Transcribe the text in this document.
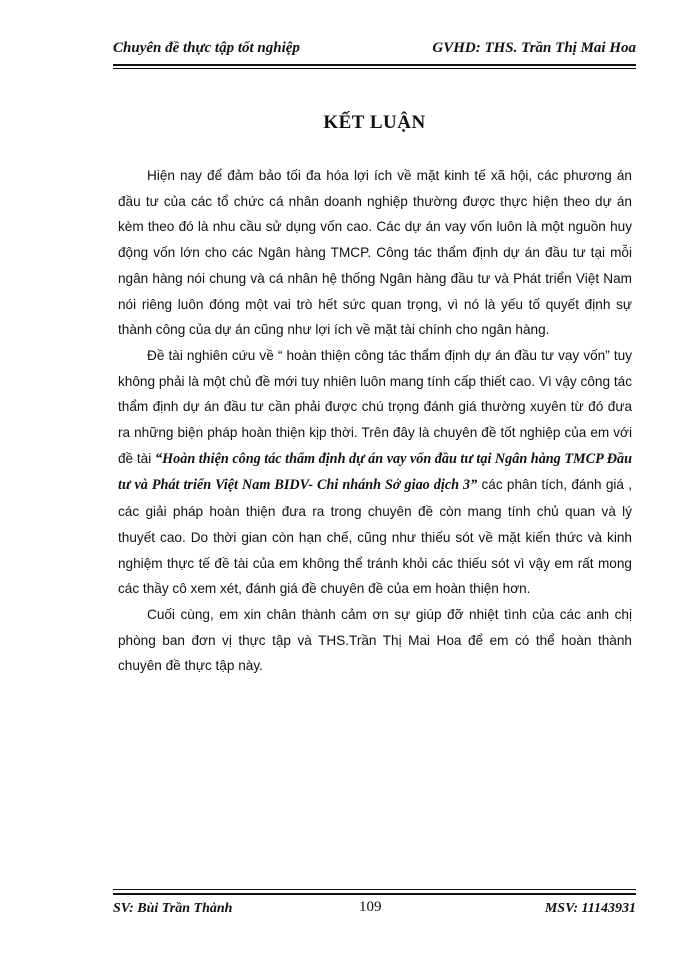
Chuyên đề thực tập tốt nghiệp	GVHD: THS. Trần Thị Mai Hoa
KẾT LUẬN

Hiện nay để đảm bảo tối đa hóa lợi ích về mặt kinh tế xã hội, các phương án đầu tư của các tổ chức cá nhân doanh nghiệp thường được thực hiện theo dự án kèm theo đó là nhu cầu sử dụng vốn cao. Các dự án vay vốn luôn là một nguồn huy động vốn lớn cho các Ngân hàng TMCP. Công tác thẩm định dự án đầu tư tại mỗi ngân hàng nói chung và cá nhân hệ thống Ngân hàng đầu tư và Phát triển Việt Nam nói riêng luôn đóng một vai trò hết sức quan trọng, vì nó là yếu tố quyết định sự thành công của dự án cũng như lợi ích về mặt tài chính cho ngân hàng.

Đề tài nghiên cứu về “ hoàn thiện công tác thẩm định dự án đầu tư vay vốn” tuy không phải là một chủ đề mới tuy nhiên luôn mang tính cấp thiết cao. Vì vậy công tác thẩm định dự án đầu tư cần phải được chú trọng đánh giá thường xuyên từ đó đưa ra những biện pháp hoàn thiện kịp thời. Trên đây là chuyên đề tốt nghiệp của em với đề tài “Hoàn thiện công tác thẩm định dự án vay vốn đầu tư tại Ngân hàng TMCP Đầu tư và Phát triển Việt Nam BIDV- Chi nhánh Sở giao dịch 3” các phân tích, đánh giá , các giải pháp hoàn thiện đưa ra trong chuyên đề còn mang tính chủ quan và lý thuyết cao. Do thời gian còn hạn chế, cũng như thiếu sót về mặt kiến thức và kinh nghiệm thực tế đề tài của em không thể tránh khỏi các thiếu sót vì vậy em rất mong các thầy cô xem xét, đánh giá đề chuyên đề của em hoàn thiện hơn.

Cuối cùng, em xin chân thành cảm ơn sự giúp đỡ nhiệt tình của các anh chị phòng ban đơn vị thực tập và THS.Trần Thị Mai Hoa để em có thể hoàn thành chuyên đề thực tập này.

SV: Bùi Trần Thành	109	MSV: 11143931
